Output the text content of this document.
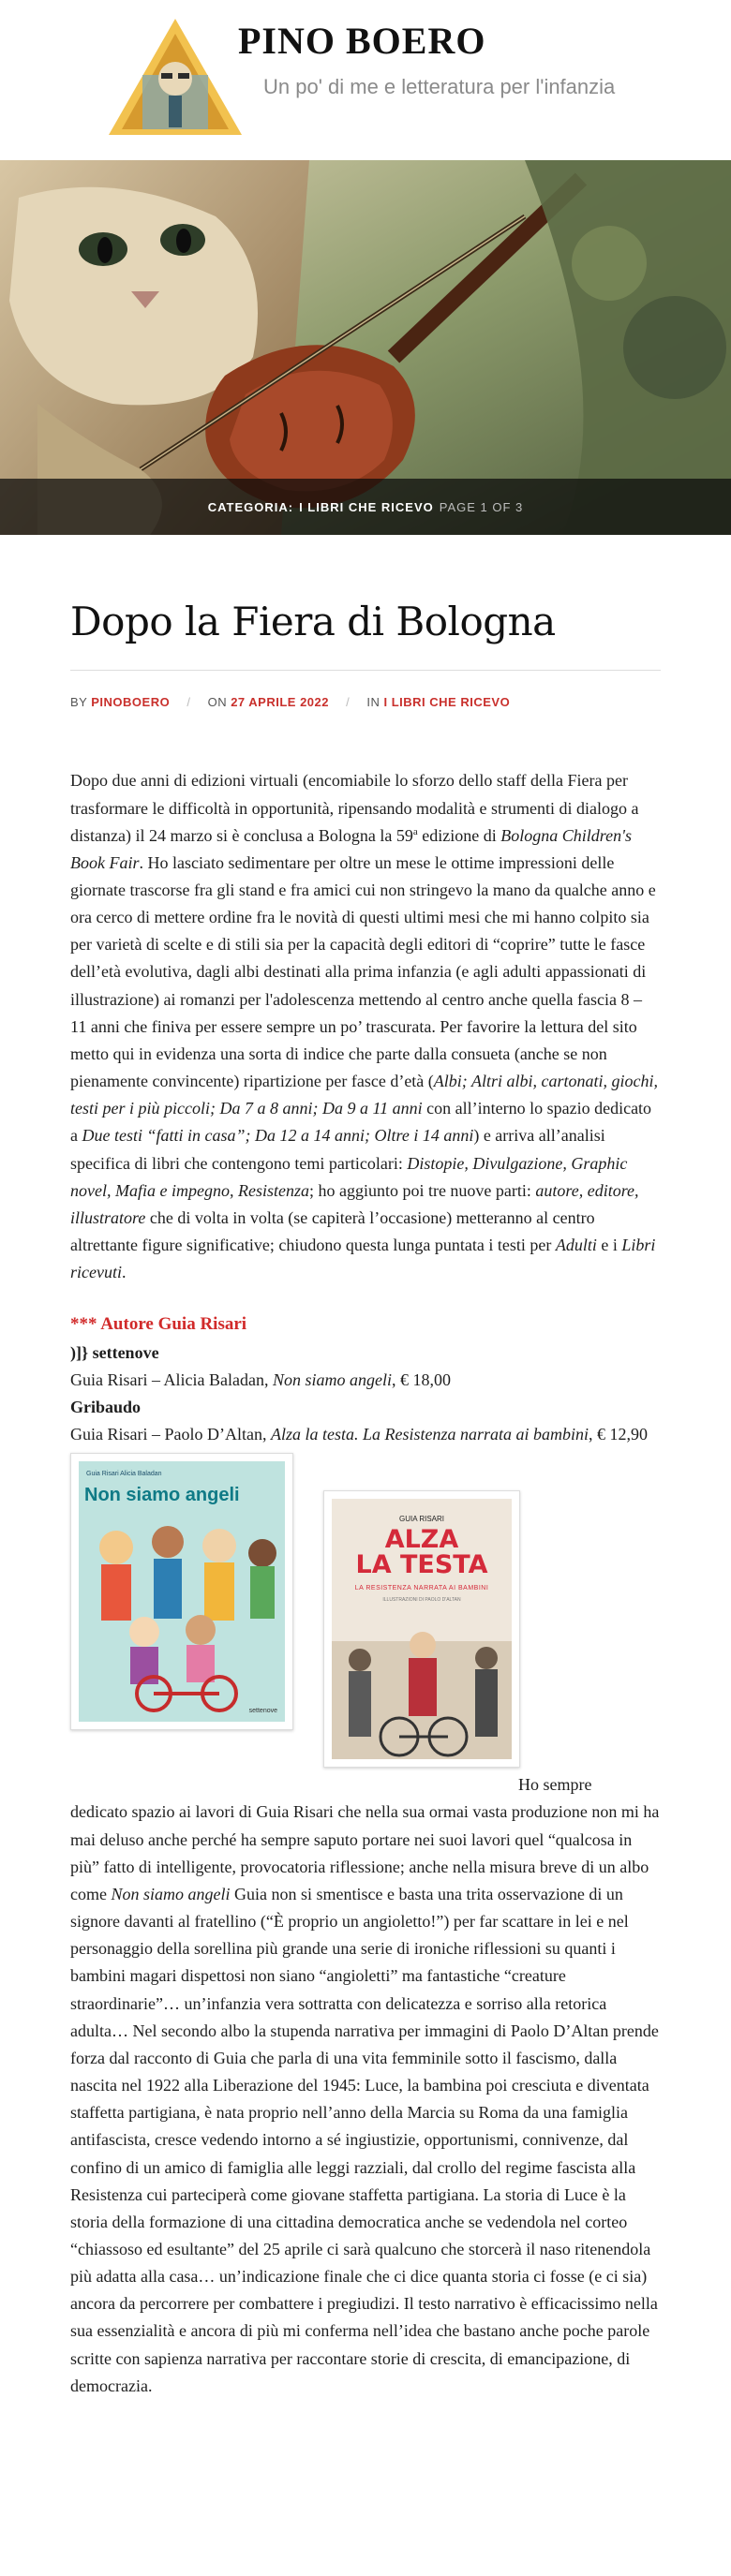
PINO BOERO

Un po' di me e letteratura per l'infanzia

CATEGORIA: I LIBRI CHE RICEVO PAGE 1 OF 3
Dopo la Fiera di Bologna
BY PINOBOERO / ON 27 APRILE 2022 / IN I LIBRI CHE RICEVO

Dopo due anni di edizioni virtuali (encomiabile lo sforzo dello staff della Fiera per trasformare le difficoltà in opportunità, ripensando modalità e strumenti di dialogo a distanza) il 24 marzo si è conclusa a Bologna la 59$^a$ edizione di Bologna Children's Book Fair. Ho lasciato sedimentare per oltre un mese le ottime impressioni delle giornate trascorse fra gli stand e fra amici cui non stringevo la mano da qualche anno e ora cerco di mettere ordine fra le novità di questi ultimi mesi che mi hanno colpito sia per varietà di scelte e di stili sia per la capacità degli editori di “coprire” tutte le fasce dell’età evolutiva, dagli albi destinati alla prima infanzia (e agli adulti appassionati di illustrazione) ai romanzi per l'adolescenza mettendo al centro anche quella fascia 8 – 11 anni che finiva per essere sempre un po’ trascurata. Per favorire la lettura del sito metto qui in evidenza una sorta di indice che parte dalla consueta (anche se non pienamente convincente) ripartizione per fasce d’età (Albi; Altri albi, cartonati, giochi, testi per i più piccoli; Da 7 a 8 anni; Da 9 a 11 anni con all’interno lo spazio dedicato a Due testi “fatti in casa”; Da 12 a 14 anni; Oltre i 14 anni) e arriva all’analisi specifica di libri che contengono temi particolari: Distopie, Divulgazione, Graphic novel, Mafia e impegno, Resistenza; ho aggiunto poi tre nuove parti: autore, editore, illustratore che di volta in volta (se capiterà l’occasione) metteranno al centro altrettante figure significative; chiudono questa lunga puntata i testi per Adulti e i Libri ricevuti.

*** Autore Guia Risari
)]} settenove
Guia Risari – Alicia Baladan, Non siamo angeli, € 18,00
Gribaudo
Guia Risari – Paolo D’Altan, Alza la testa. La Resistenza narrata ai bambini, € 12,90
Guia Risari Alicia Baladan
Non siamo angeli
settenove
GUIA RISARI
ALZA
LA TESTA
LA RESISTENZA NARRATA AI BAMBINI
ILLUSTRAZIONI DI PAOLO D'ALTAN
Ho sempre
dedicato spazio ai lavori di Guia Risari che nella sua ormai vasta produzione non mi ha mai deluso anche perché ha sempre saputo portare nei suoi lavori quel “qualcosa in più” fatto di intelligente, provocatoria riflessione; anche nella misura breve di un albo come Non siamo angeli Guia non si smentisce e basta una trita osservazione di un signore davanti al fratellino (“È proprio un angioletto!”) per far scattare in lei e nel personaggio della sorellina più grande una serie di ironiche riflessioni su quanti i bambini magari dispettosi non siano “angioletti” ma fantastiche “creature straordinarie”… un’infanzia vera sottratta con delicatezza e sorriso alla retorica adulta… Nel secondo albo la stupenda narrativa per immagini di Paolo D’Altan prende forza dal racconto di Guia che parla di una vita femminile sotto il fascismo, dalla nascita nel 1922 alla Liberazione del 1945: Luce, la bambina poi cresciuta e diventata staffetta partigiana, è nata proprio nell’anno della Marcia su Roma da una famiglia antifascista, cresce vedendo intorno a sé ingiustizie, opportunismi, connivenze, dal confino di un amico di famiglia alle leggi razziali, dal crollo del regime fascista alla Resistenza cui parteciperà come giovane staffetta partigiana. La storia di Luce è la storia della formazione di una cittadina democratica anche se vedendola nel corteo “chiassoso ed esultante” del 25 aprile ci sarà qualcuno che storcerà il naso ritenendola più adatta alla casa… un’indicazione finale che ci dice quanta storia ci fosse (e ci sia) ancora da percorrere per combattere i pregiudizi. Il testo narrativo è efficacissimo nella sua essenzialità e ancora di più mi conferma nell’idea che bastano anche poche parole scritte con sapienza narrativa per raccontare storie di crescita, di emancipazione, di democrazia.
